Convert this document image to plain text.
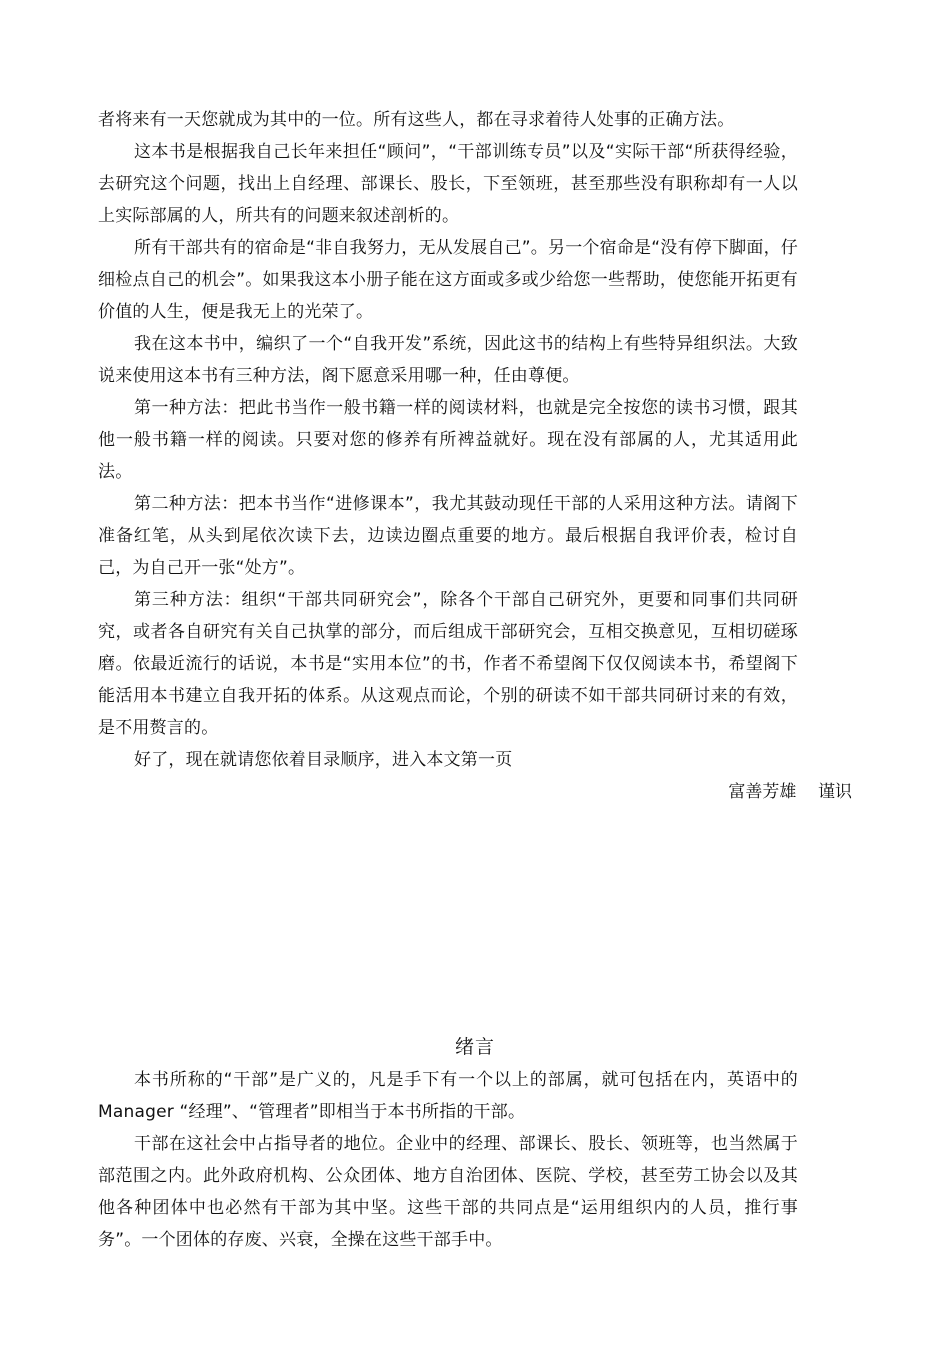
者将来有一天您就成为其中的一位。所有这些人，都在寻求着待人处事的正确方法。

这本书是根据我自己长年来担任“顾问”，“干部训练专员”以及“实际干部“所获得经验，去研究这个问题，找出上自经理、部课长、股长，下至领班，甚至那些没有职称却有一人以上实际部属的人，所共有的问题来叙述剖析的。

所有干部共有的宿命是“非自我努力，无从发展自己”。另一个宿命是“没有停下脚面，仔细检点自己的机会”。如果我这本小册子能在这方面或多或少给您一些帮助，使您能开拓更有价值的人生，便是我无上的光荣了。

我在这本书中，编织了一个“自我开发”系统，因此这书的结构上有些特异组织法。大致说来使用这本书有三种方法，阁下愿意采用哪一种，任由尊便。

第一种方法：把此书当作一般书籍一样的阅读材料，也就是完全按您的读书习惯，跟其他一般书籍一样的阅读。只要对您的修养有所裨益就好。现在没有部属的人，尤其适用此法。

第二种方法：把本书当作“进修课本”，我尤其鼓动现任干部的人采用这种方法。请阁下准备红笔，从头到尾依次读下去，边读边圈点重要的地方。最后根据自我评价表，检讨自己，为自己开一张“处方”。

第三种方法：组织“干部共同研究会”，除各个干部自己研究外，更要和同事们共同研究，或者各自研究有关自己执掌的部分，而后组成干部研究会，互相交换意见，互相切磋琢磨。依最近流行的话说，本书是“实用本位”的书，作者不希望阁下仅仅阅读本书，希望阁下能活用本书建立自我开拓的体系。从这观点而论，个别的研读不如干部共同研讨来的有效，是不用赘言的。

好了，现在就请您依着目录顺序，进入本文第一页

富善芳雄    谨识
绪言

本书所称的“干部”是广义的，凡是手下有一个以上的部属，就可包括在内，英语中的 Manager “经理”、“管理者”即相当于本书所指的干部。

干部在这社会中占指导者的地位。企业中的经理、部课长、股长、领班等，也当然属于部范围之内。此外政府机构、公众团体、地方自治团体、医院、学校，甚至劳工协会以及其他各种团体中也必然有干部为其中坚。这些干部的共同点是“运用组织内的人员，推行事务”。一个团体的存废、兴衰，全操在这些干部手中。
